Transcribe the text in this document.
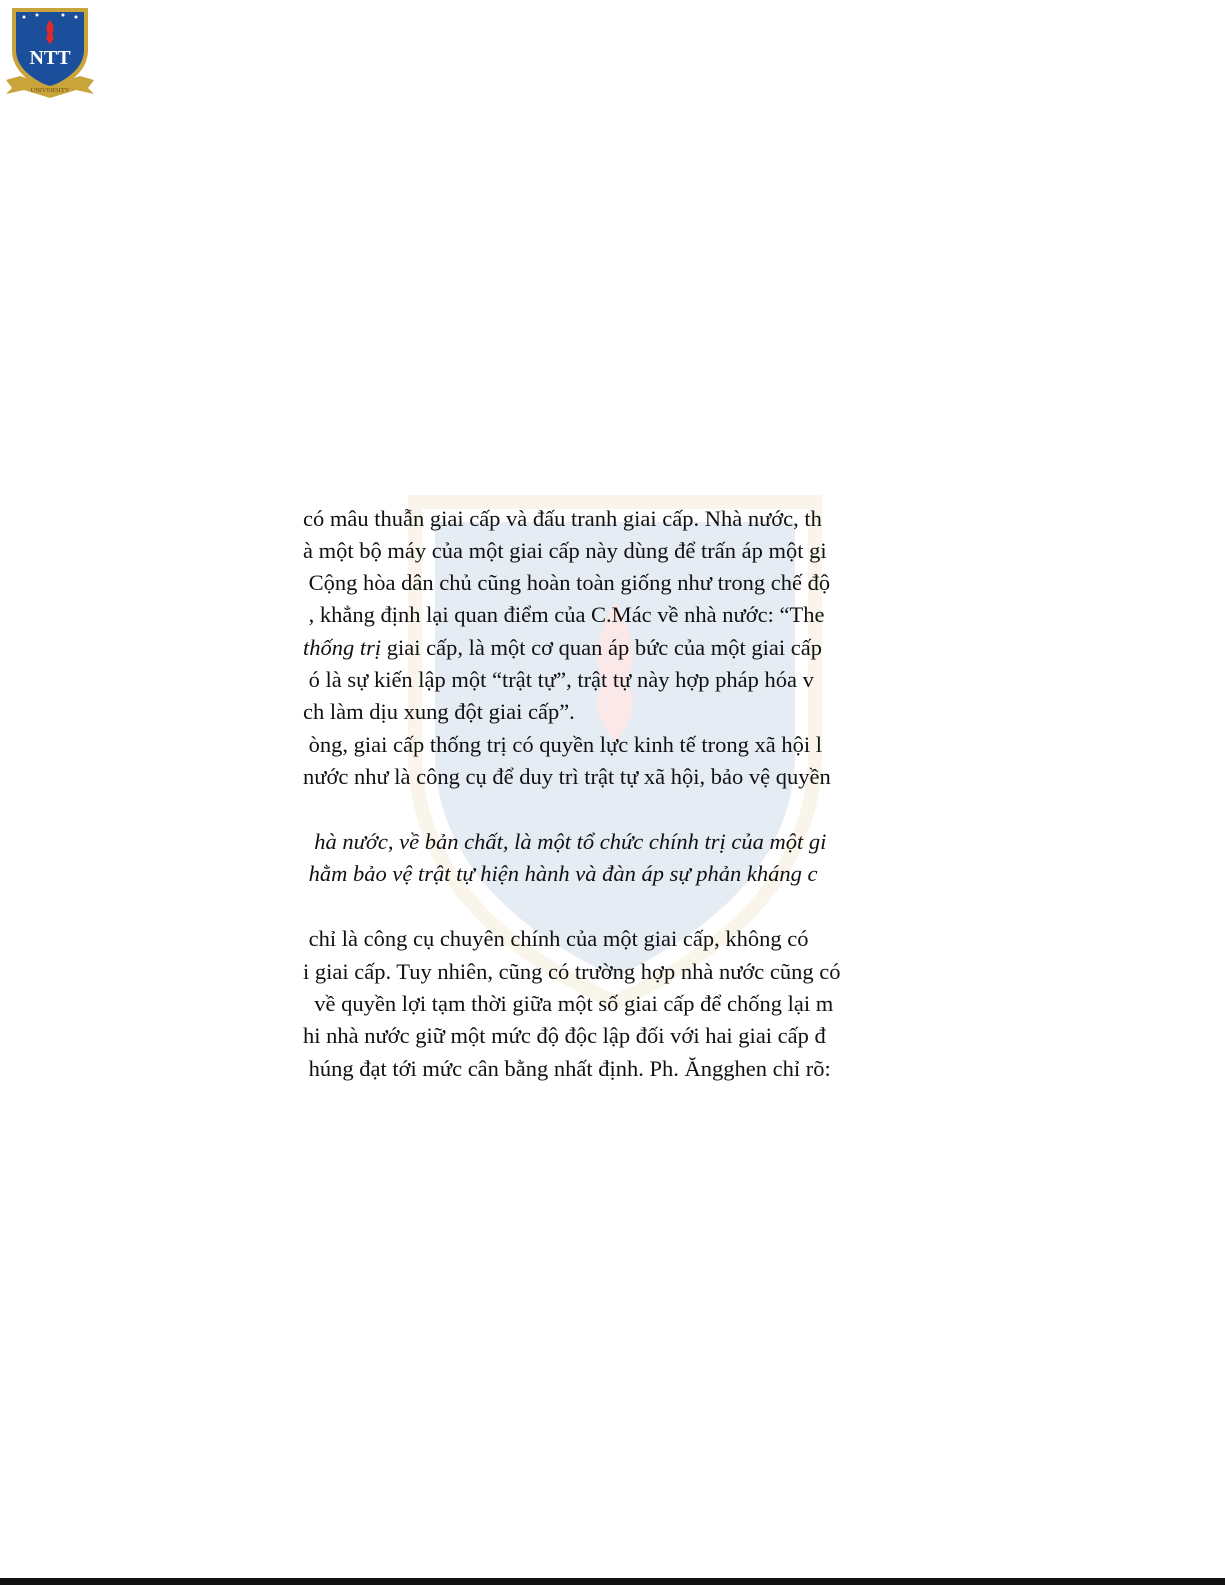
NTT
UNIVERSITY
có mâu thuẫn giai cấp và đấu tranh giai cấp. Nhà nước, th
à một bộ máy của một giai cấp này dùng để trấn áp một gi
Cộng hòa dân chủ cũng hoàn toàn giống như trong chế độ
, khẳng định lại quan điểm của C.Mác về nhà nước: “The
thống trị giai cấp, là một cơ quan áp bức của một giai cấp
ó là sự kiến lập một “trật tự”, trật tự này hợp pháp hóa v
ch làm dịu xung đột giai cấp”.
òng, giai cấp thống trị có quyền lực kinh tế trong xã hội l
nước như là công cụ để duy trì trật tự xã hội, bảo vệ quyền
hà nước, về bản chất, là một tổ chức chính trị của một gi
hằm bảo vệ trật tự hiện hành và đàn áp sự phản kháng c
chỉ là công cụ chuyên chính của một giai cấp, không có
i giai cấp. Tuy nhiên, cũng có trường hợp nhà nước cũng có
về quyền lợi tạm thời giữa một số giai cấp để chống lại m
hi nhà nước giữ một mức độ độc lập đối với hai giai cấp đ
húng đạt tới mức cân bằng nhất định. Ph. Ăngghen chỉ rõ:
